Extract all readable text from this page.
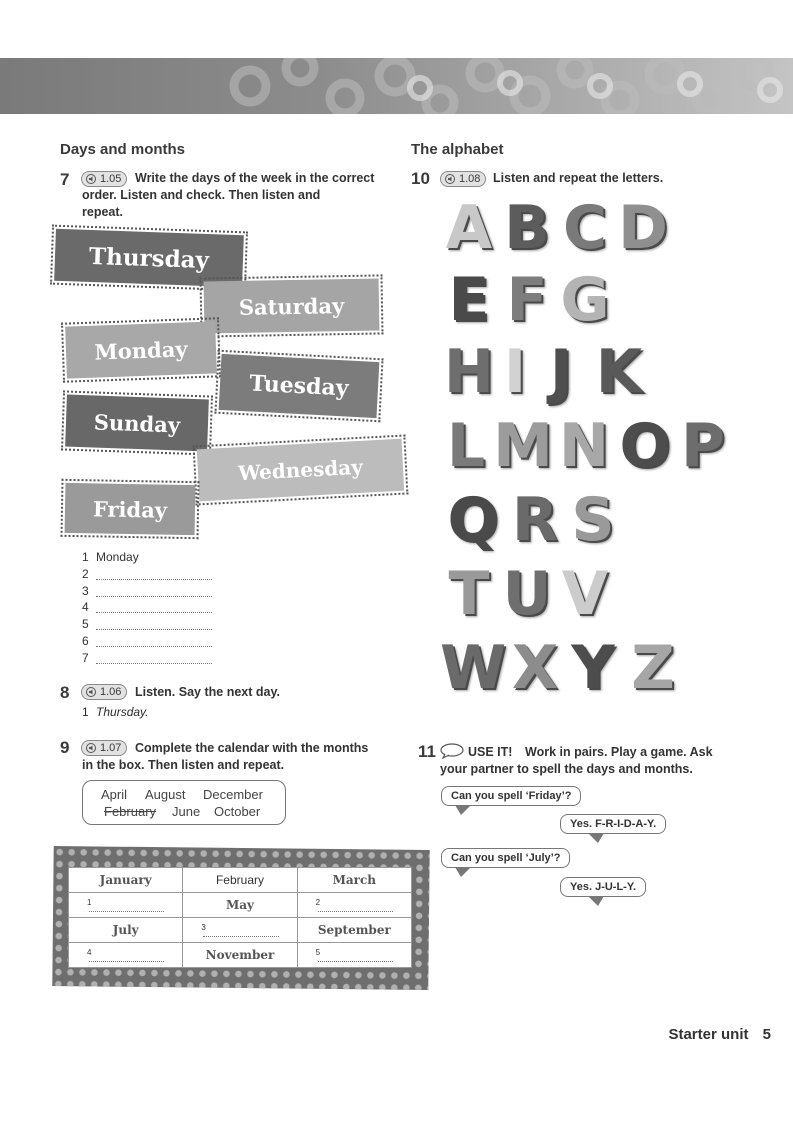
Days and months
7	1.05	Write the days of the week in the correct
order. Listen and check. Then listen and
repeat.
Thursday
Saturday
Monday
Tuesday
Sunday
Wednesday
Friday
1 Monday
2
3
4
5
6
7
8	1.06	Listen. Say the next day.
1 Thursday.
9	1.07	Complete the calendar with the months
in the box. Then listen and repeat.
April August December
February June October
January	February	March

1	May	2

July	3	September

4	November	5
The alphabet
10	1.08	Listen and repeat the letters.
A B C D
E F G
H I J K
L M N O P
Q R S
T U V
W X Y Z
11	USE IT! Work in pairs. Play a game. Ask
your partner to spell the days and months.
Can you spell ‘Friday’?
Yes. F-R-I-D-A-Y.
Can you spell ‘July’?
Yes. J-U-L-Y.
Starter unit 5
